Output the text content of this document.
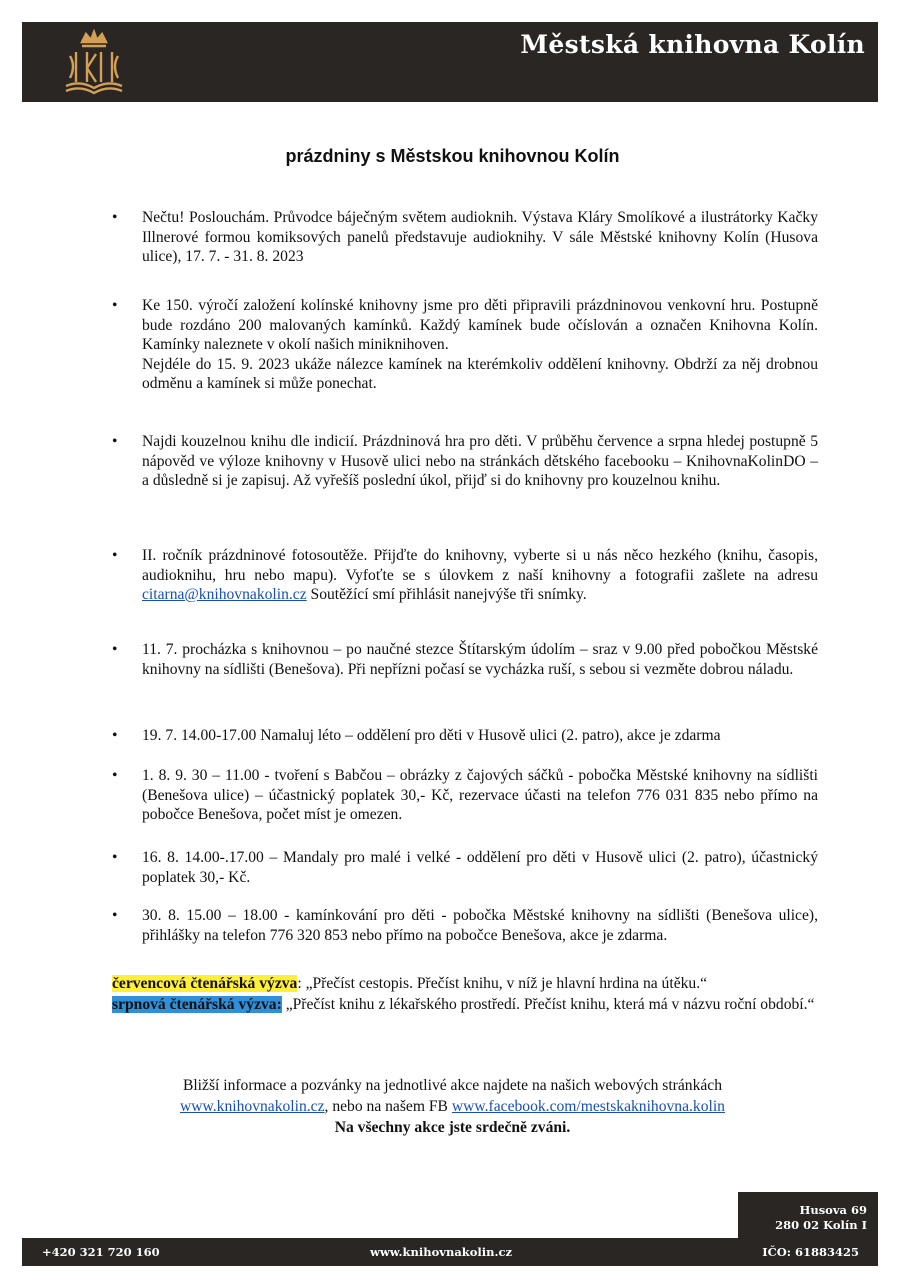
Městská knihovna Kolín
prázdniny s Městskou knihovnou Kolín
• Nečtu! Poslouchám. Průvodce báječným světem audioknih. Výstava Kláry Smolíkové a ilustrátorky Kačky Illnerové formou komiksových panelů představuje audioknihy. V sále Městské knihovny Kolín (Husova ulice), 17. 7. - 31. 8. 2023
• Ke 150. výročí založení kolínské knihovny jsme pro děti připravili prázdninovou venkovní hru. Postupně bude rozdáno 200 malovaných kamínků. Každý kamínek bude očíslován a označen Knihovna Kolín. Kamínky naleznete v okolí našich miniknihoven.
Nejdéle do 15. 9. 2023 ukáže nálezce kamínek na kterémkoliv oddělení knihovny. Obdrží za něj drobnou odměnu a kamínek si může ponechat.
• Najdi kouzelnou knihu dle indicií. Prázdninová hra pro děti. V průběhu července a srpna hledej postupně 5 nápověd ve výloze knihovny v Husově ulici nebo na stránkách dětského facebooku – KnihovnaKolinDO – a důsledně si je zapisuj. Až vyřešíš poslední úkol, přijď si do knihovny pro kouzelnou knihu.
• II. ročník prázdninové fotosoutěže. Přijďte do knihovny, vyberte si u nás něco hezkého (knihu, časopis, audioknihu, hru nebo mapu). Vyfoťte se s úlovkem z naší knihovny a fotografii zašlete na adresu citarna@knihovnakolin.cz Soutěžící smí přihlásit nanejvýše tři snímky.
• 11. 7. procházka s knihovnou – po naučné stezce Štítarským údolím – sraz v 9.00 před pobočkou Městské knihovny na sídlišti (Benešova). Při nepřízni počasí se vycházka ruší, s sebou si vezměte dobrou náladu.
• 19. 7. 14.00-17.00 Namaluj léto – oddělení pro děti v Husově ulici (2. patro), akce je zdarma
• 1. 8. 9. 30 – 11.00 - tvoření s Babčou – obrázky z čajových sáčků - pobočka Městské knihovny na sídlišti (Benešova ulice) – účastnický poplatek 30,- Kč, rezervace účasti na telefon 776 031 835 nebo přímo na pobočce Benešova, počet míst je omezen.
• 16. 8. 14.00-.17.00 – Mandaly pro malé i velké - oddělení pro děti v Husově ulici (2. patro), účastnický poplatek 30,- Kč.
• 30. 8. 15.00 – 18.00 - kamínkování pro děti - pobočka Městské knihovny na sídlišti (Benešova ulice), přihlášky na telefon 776 320 853 nebo přímo na pobočce Benešova, akce je zdarma.
červencová čtenářská výzva: „Přečíst cestopis. Přečíst knihu, v níž je hlavní hrdina na útěku.“
srpnová čtenářská výzva: „Přečíst knihu z lékařského prostředí. Přečíst knihu, která má v názvu roční období.“
Bližší informace a pozvánky na jednotlivé akce najdete na našich webových stránkách
www.knihovnakolin.cz, nebo na našem FB www.facebook.com/mestskaknihovna.kolin
Na všechny akce jste srdečně zváni.
Husova 69
280 02 Kolín I
+420 321 720 160	www.knihovnakolin.cz	IČO: 61883425
